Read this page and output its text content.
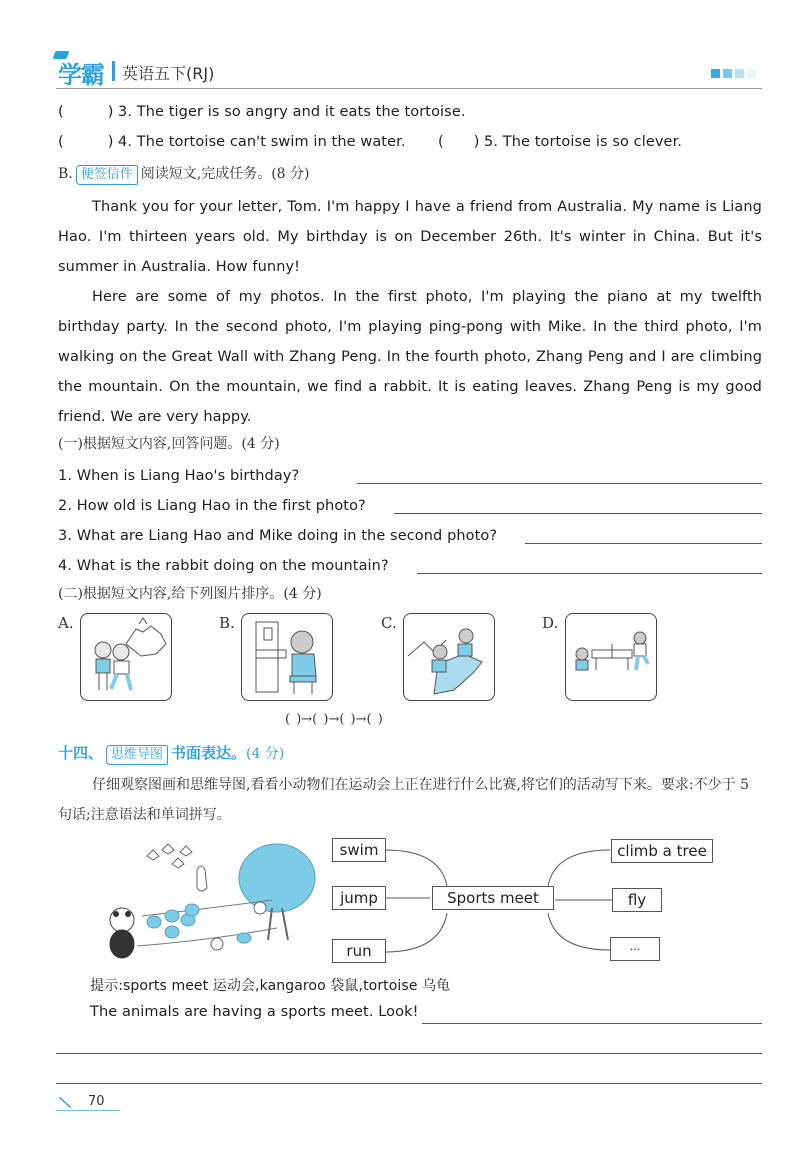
学霸 英语五下(RJ)
(	) 3. The tiger is so angry and it eats the tortoise.
(	) 4. The tortoise can't swim in the water. ( ) 5. The tortoise is so clever.
B. 便签信件 阅读短文,完成任务。(8 分)

Thank you for your letter, Tom. I'm happy I have a friend from Australia. My name is Liang Hao. I'm thirteen years old. My birthday is on December 26th. It's winter in China. But it's summer in Australia. How funny!

Here are some of my photos. In the first photo, I'm playing the piano at my twelfth birthday party. In the second photo, I'm playing ping-pong with Mike. In the third photo, I'm walking on the Great Wall with Zhang Peng. In the fourth photo, Zhang Peng and I are climbing the mountain. On the mountain, we find a rabbit. It is eating leaves. Zhang Peng is my good friend. We are very happy.

(一)根据短文内容,回答问题。(4 分)
1. When is Liang Hao's birthday?
2. How old is Liang Hao in the first photo?
3. What are Liang Hao and Mike doing in the second photo?
4. What is the rabbit doing on the mountain?
(二)根据短文内容,给下列图片排序。(4 分)
A.	B.	C.	D.
( )→( )→( )→( )
十四、 思维导图 书面表达。(4 分)

仔细观察图画和思维导图,看看小动物们在运动会上正在进行什么比赛,将它们的活动写下来。要求:不少于 5 句话;注意语法和单词拼写。

swim
jump
run
Sports meet
climb a tree
fly
...
提示:sports meet 运动会,kangaroo 袋鼠,tortoise 乌龟
The animals are having a sports meet. Look!
70
